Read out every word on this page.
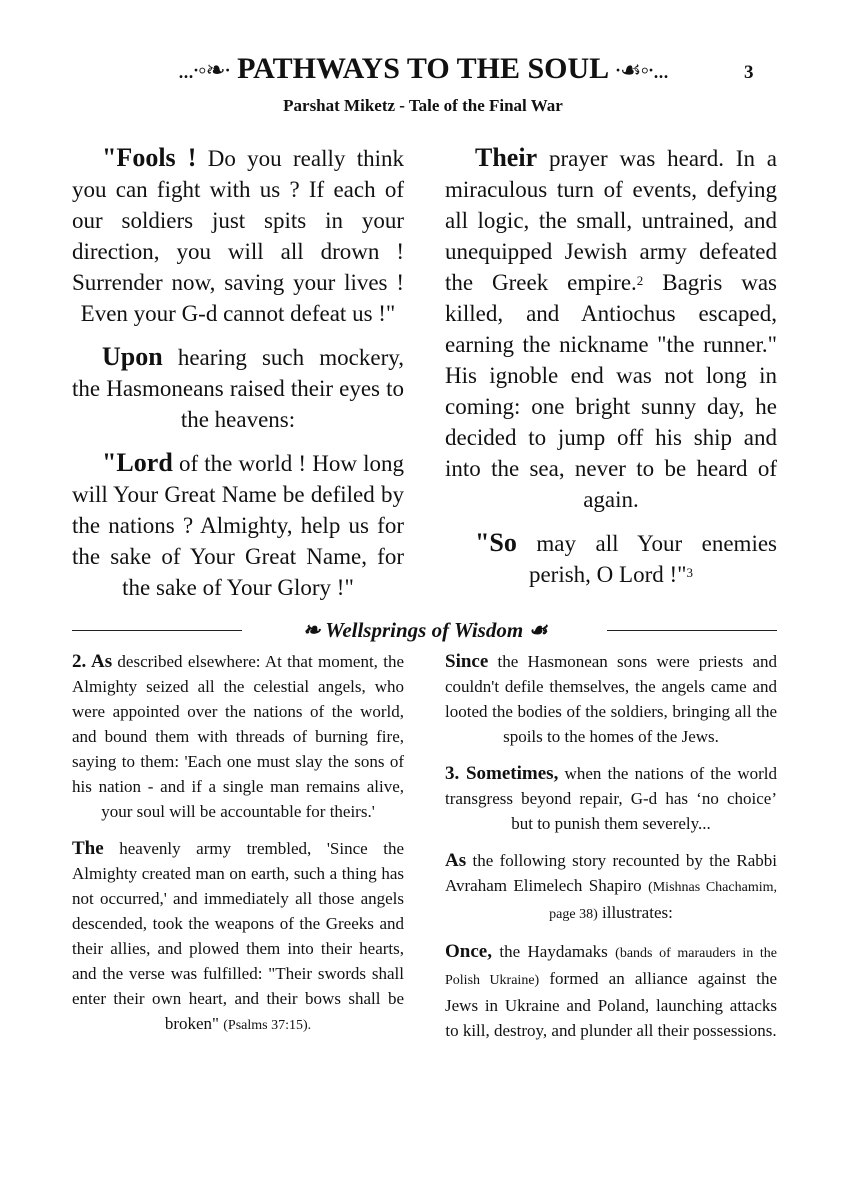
...∙◦❧∙ PATHWAYS TO THE SOUL ∙☙◦∙...	3
Parshat Miketz - Tale of the Final War

"Fools ! Do you really think you can fight with us ? If each of our soldiers just spits in your direction, you will all drown ! Surrender now, saving your lives ! Even your G-d cannot defeat us !"

Upon hearing such mockery, the Hasmoneans raised their eyes to the heavens:

"Lord of the world ! How long will Your Great Name be defiled by the nations ? Almighty, help us for the sake of Your Great Name, for the sake of Your Glory !"

Their prayer was heard. In a miraculous turn of events, defying all logic, the small, untrained, and unequipped Jewish army defeated the Greek empire.$^2$ Bagris was killed, and Antiochus escaped, earning the nickname "the runner." His ignoble end was not long in coming: one bright sunny day, he decided to jump off his ship and into the sea, never to be heard of again.

"So may all Your enemies perish, O Lord !"$^3$

❧ Wellsprings of Wisdom ☙

2. As described elsewhere: At that moment, the Almighty seized all the celestial angels, who were appointed over the nations of the world, and bound them with threads of burning fire, saying to them: 'Each one must slay the sons of his nation - and if a single man remains alive, your soul will be accountable for theirs.'

The heavenly army trembled, 'Since the Almighty created man on earth, such a thing has not occurred,' and immediately all those angels descended, took the weapons of the Greeks and their allies, and plowed them into their hearts, and the verse was fulfilled: "Their swords shall enter their own heart, and their bows shall be broken" (Psalms 37:15).

Since the Hasmonean sons were priests and couldn't defile themselves, the angels came and looted the bodies of the soldiers, bringing all the spoils to the homes of the Jews.

3. Sometimes, when the nations of the world transgress beyond repair, G-d has ‘no choice’ but to punish them severely...

As the following story recounted by the Rabbi Avraham Elimelech Shapiro (Mishnas Chachamim, page 38) illustrates:

Once, the Haydamaks (bands of marauders in the Polish Ukraine) formed an alliance against the Jews in Ukraine and Poland, launching attacks to kill, destroy, and plunder all their possessions.
